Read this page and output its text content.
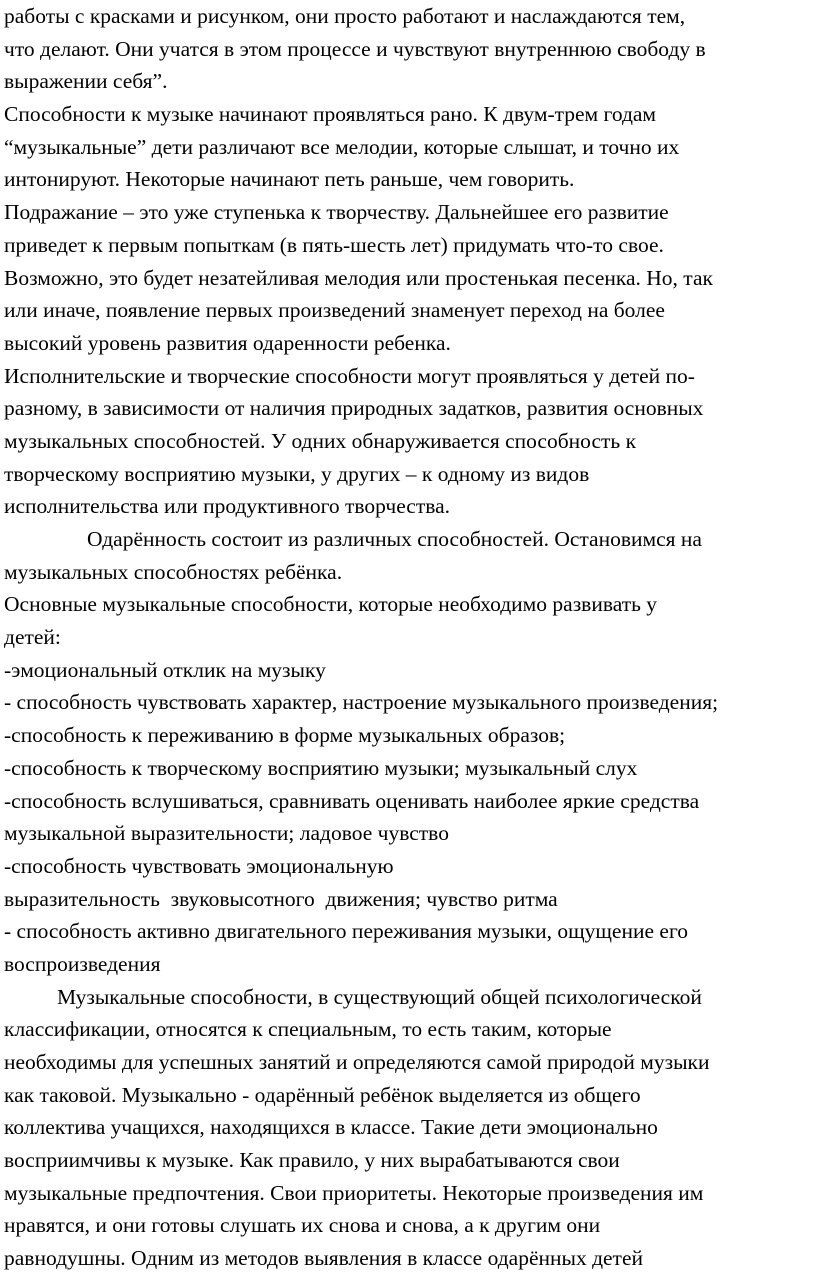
работы с красками и рисунком, они просто работают и наслаждаются тем,
что делают. Они учатся в этом процессе и чувствуют внутреннюю свободу в
выражении себя”.
Способности к музыке начинают проявляться рано. К двум-трем годам
“музыкальные” дети различают все мелодии, которые слышат, и точно их
интонируют. Некоторые начинают петь раньше, чем говорить.
Подражание – это уже ступенька к творчеству. Дальнейшее его развитие
приведет к первым попыткам (в пять-шесть лет) придумать что-то свое.
Возможно, это будет незатейливая мелодия или простенькая песенка. Но, так
или иначе, появление первых произведений знаменует переход на более
высокий уровень развития одаренности ребенка.
Исполнительские и творческие способности могут проявляться у детей по-
разному, в зависимости от наличия природных задатков, развития основных
музыкальных способностей. У одних обнаруживается способность к
творческому восприятию музыки, у других – к одному из видов
исполнительства или продуктивного творчества.
Одарённость состоит из различных способностей. Остановимся на
музыкальных способностях ребёнка.
Основные музыкальные способности, которые необходимо развивать у
детей:
-эмоциональный отклик на музыку
- способность чувствовать характер, настроение музыкального произведения;
-способность к переживанию в форме музыкальных образов;
-способность к творческому восприятию музыки; музыкальный слух
-способность вслушиваться, сравнивать оценивать наиболее яркие средства
музыкальной выразительности; ладовое чувство
-способность чувствовать эмоциональную
выразительность  звуковысотного  движения; чувство ритма
- способность активно двигательного переживания музыки, ощущение его
воспроизведения
Музыкальные способности, в существующий общей психологической
классификации, относятся к специальным, то есть таким, которые
необходимы для успешных занятий и определяются самой природой музыки
как таковой. Музыкально - одарённый ребёнок выделяется из общего
коллектива учащихся, находящихся в классе. Такие дети эмоционально
восприимчивы к музыке. Как правило, у них вырабатываются свои
музыкальные предпочтения. Свои приоритеты. Некоторые произведения им
нравятся, и они готовы слушать их снова и снова, а к другим они
равнодушны. Одним из методов выявления в классе одарённых детей
